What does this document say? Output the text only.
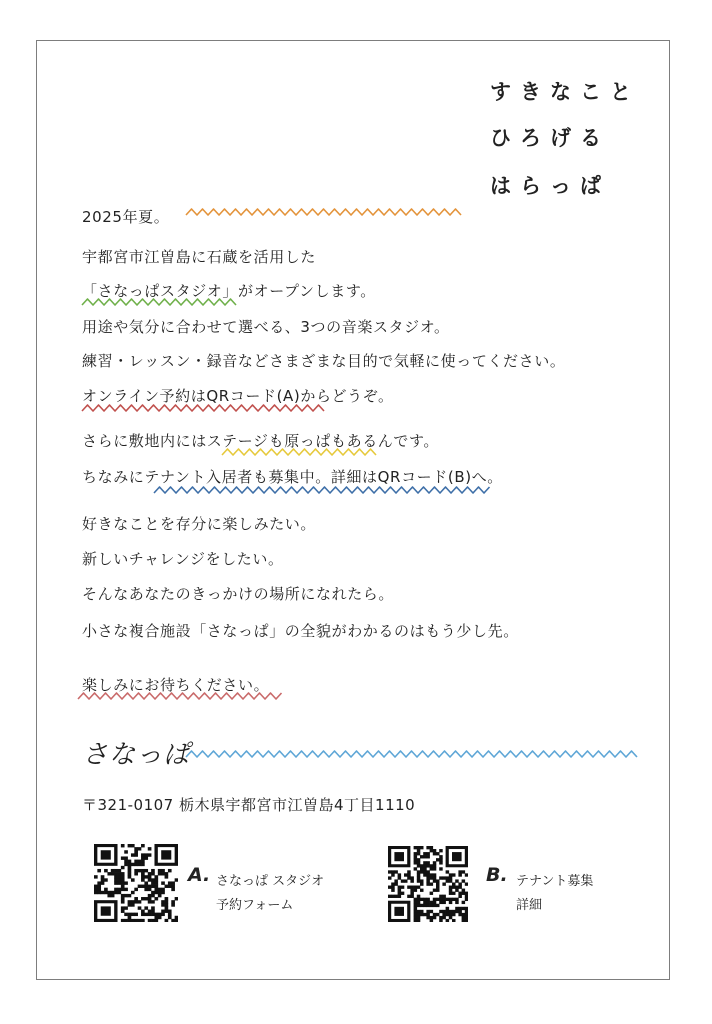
すきなこと
ひろげる
はらっぱ
2025年夏。
宇都宮市江曽島に石蔵を活用した
「さなっぱスタジオ」がオープンします。
用途や気分に合わせて選べる、3つの音楽スタジオ。
練習・レッスン・録音などさまざまな目的で気軽に使ってください。
オンライン予約はQRコード(A)からどうぞ。
さらに敷地内にはステージも原っぱもあるんです。
ちなみにテナント入居者も募集中。詳細はQRコード(B)へ。
好きなことを存分に楽しみたい。
新しいチャレンジをしたい。
そんなあなたのきっかけの場所になれたら。
小さな複合施設「さなっぱ」の全貌がわかるのはもう少し先。
楽しみにお待ちください。
さなっぱ
〒321-0107 栃木県宇都宮市江曽島4丁目1110
A. さなっぱ スタジオ
予約フォーム
B. テナント募集
詳細
